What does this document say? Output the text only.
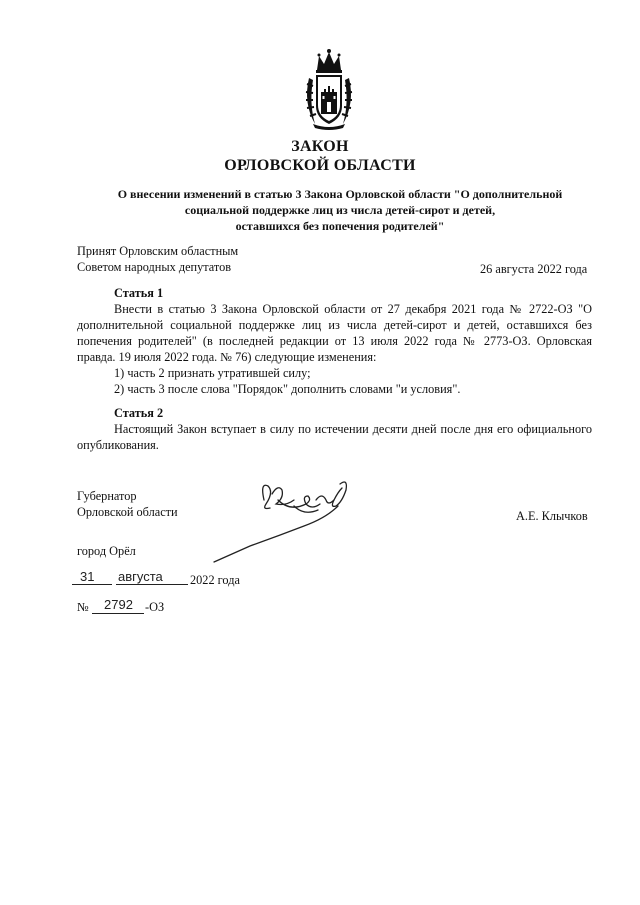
ЗАКОН
ОРЛОВСКОЙ ОБЛАСТИ
О внесении изменений в статью 3 Закона Орловской области "О дополнительной
социальной поддержке лиц из числа детей-сирот и детей,
оставшихся без попечения родителей"
Принят Орловским областным
Советом народных депутатов	26 августа 2022 года
Статья 1
Внести в статью 3 Закона Орловской области от 27 декабря 2021 года № 2722-ОЗ "О дополнительной социальной поддержке лиц из числа детей-сирот и детей, оставшихся без попечения родителей" (в последней редакции от 13 июля 2022 года № 2773-ОЗ. Орловская правда. 19 июля 2022 года. № 76) следующие изменения:
1) часть 2 признать утратившей силу;
2) часть 3 после слова "Порядок" дополнить словами "и условия".
Статья 2
Настоящий Закон вступает в силу по истечении десяти дней после дня его официального опубликования.
Губернатор
Орловской области	А.Е. Клычков
город Орёл
31 августа 2022 года
№ 2792 -ОЗ
